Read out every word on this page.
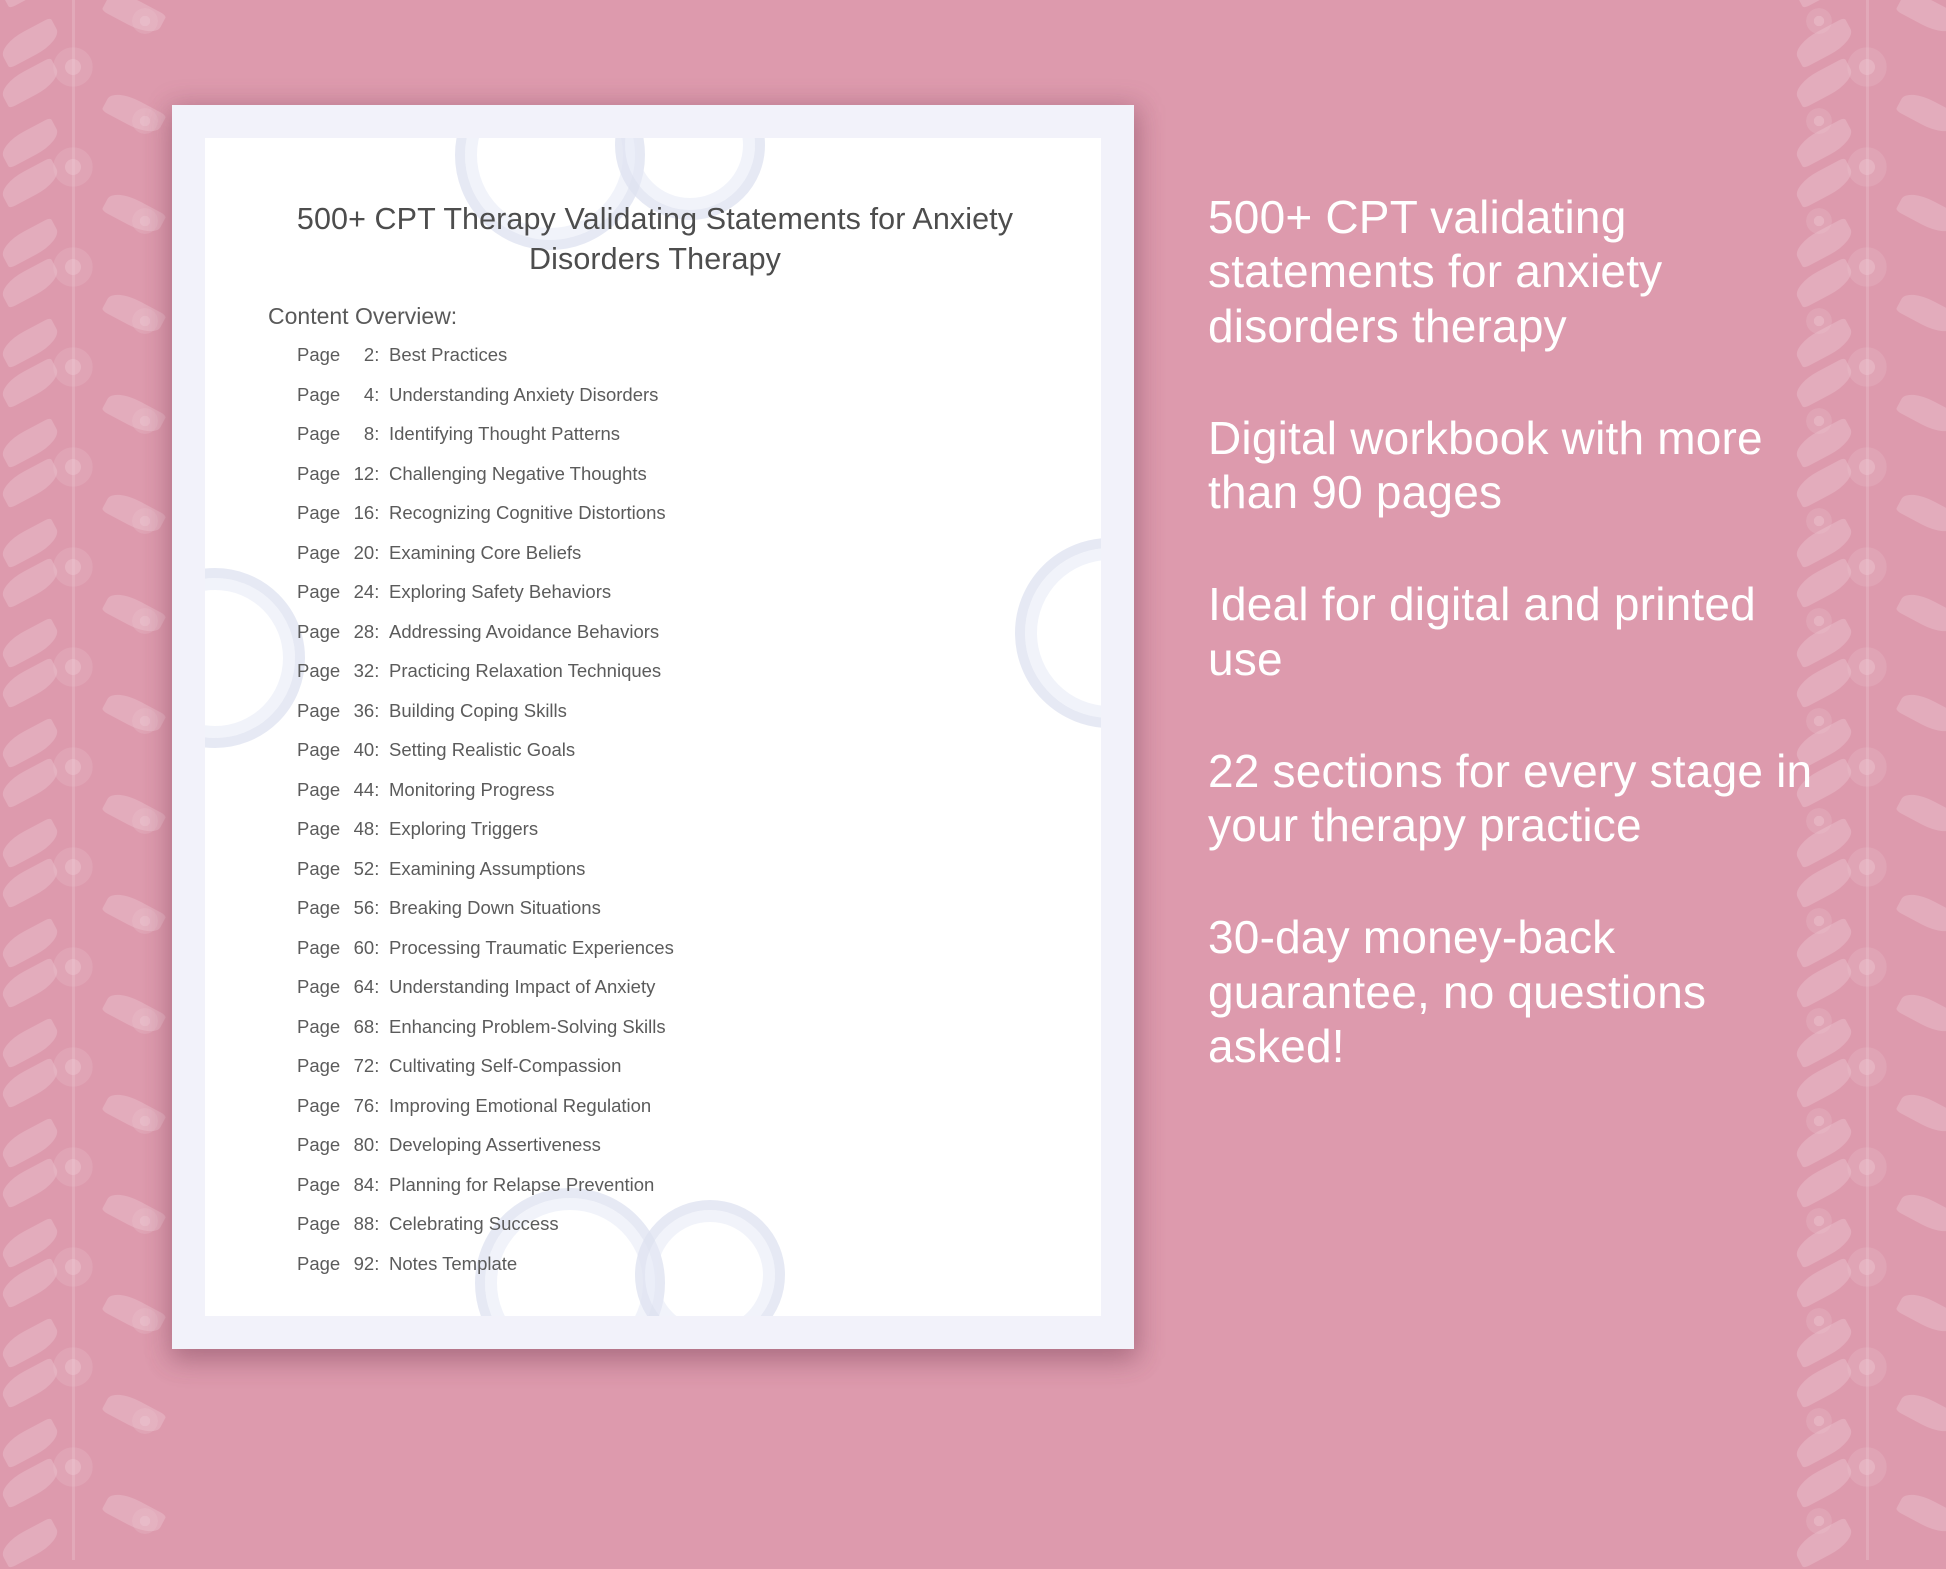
500+ CPT Therapy Validating Statements for Anxiety Disorders Therapy
Content Overview:
Page 2: Best Practices
Page 4: Understanding Anxiety Disorders
Page 8: Identifying Thought Patterns
Page 12: Challenging Negative Thoughts
Page 16: Recognizing Cognitive Distortions
Page 20: Examining Core Beliefs
Page 24: Exploring Safety Behaviors
Page 28: Addressing Avoidance Behaviors
Page 32: Practicing Relaxation Techniques
Page 36: Building Coping Skills
Page 40: Setting Realistic Goals
Page 44: Monitoring Progress
Page 48: Exploring Triggers
Page 52: Examining Assumptions
Page 56: Breaking Down Situations
Page 60: Processing Traumatic Experiences
Page 64: Understanding Impact of Anxiety
Page 68: Enhancing Problem-Solving Skills
Page 72: Cultivating Self-Compassion
Page 76: Improving Emotional Regulation
Page 80: Developing Assertiveness
Page 84: Planning for Relapse Prevention
Page 88: Celebrating Success
Page 92: Notes Template
500+ CPT validating statements for anxiety disorders therapy
Digital workbook with more than 90 pages
Ideal for digital and printed use
22 sections for every stage in your therapy practice
30-day money-back guarantee, no questions asked!
